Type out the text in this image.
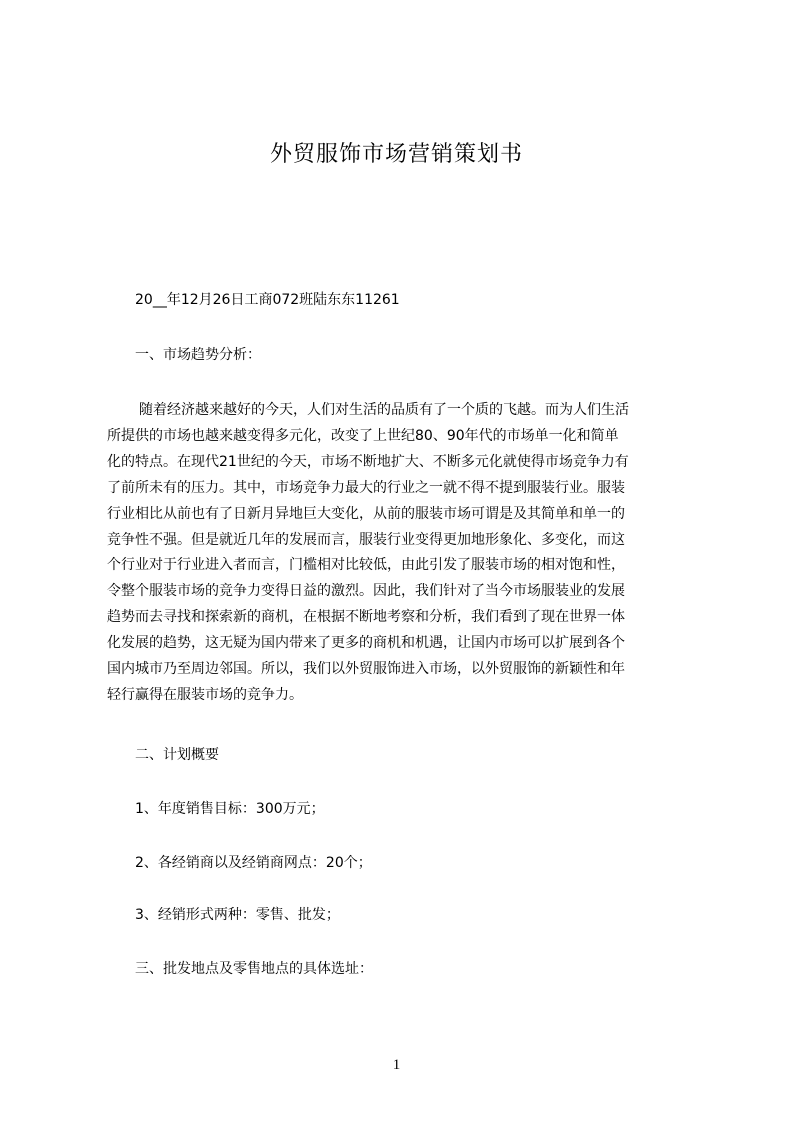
外贸服饰市场营销策划书
20__年12月26日工商072班陆东东11261
一、市场趋势分析：
随着经济越来越好的今天，人们对生活的品质有了一个质的飞越。而为人们生活
所提供的市场也越来越变得多元化，改变了上世纪80、90年代的市场单一化和简单
化的特点。在现代21世纪的今天，市场不断地扩大、不断多元化就使得市场竞争力有
了前所未有的压力。其中，市场竞争力最大的行业之一就不得不提到服装行业。服装
行业相比从前也有了日新月异地巨大变化，从前的服装市场可谓是及其简单和单一的
竞争性不强。但是就近几年的发展而言，服装行业变得更加地形象化、多变化，而这
个行业对于行业进入者而言，门槛相对比较低，由此引发了服装市场的相对饱和性，
令整个服装市场的竞争力变得日益的激烈。因此，我们针对了当今市场服装业的发展
趋势而去寻找和探索新的商机，在根据不断地考察和分析，我们看到了现在世界一体
化发展的趋势，这无疑为国内带来了更多的商机和机遇，让国内市场可以扩展到各个
国内城市乃至周边邻国。所以，我们以外贸服饰进入市场，以外贸服饰的新颖性和年
轻行赢得在服装市场的竞争力。
二、计划概要
1、年度销售目标：300万元；
2、各经销商以及经销商网点：20个；
3、经销形式两种：零售、批发；
三、批发地点及零售地点的具体选址：
1
